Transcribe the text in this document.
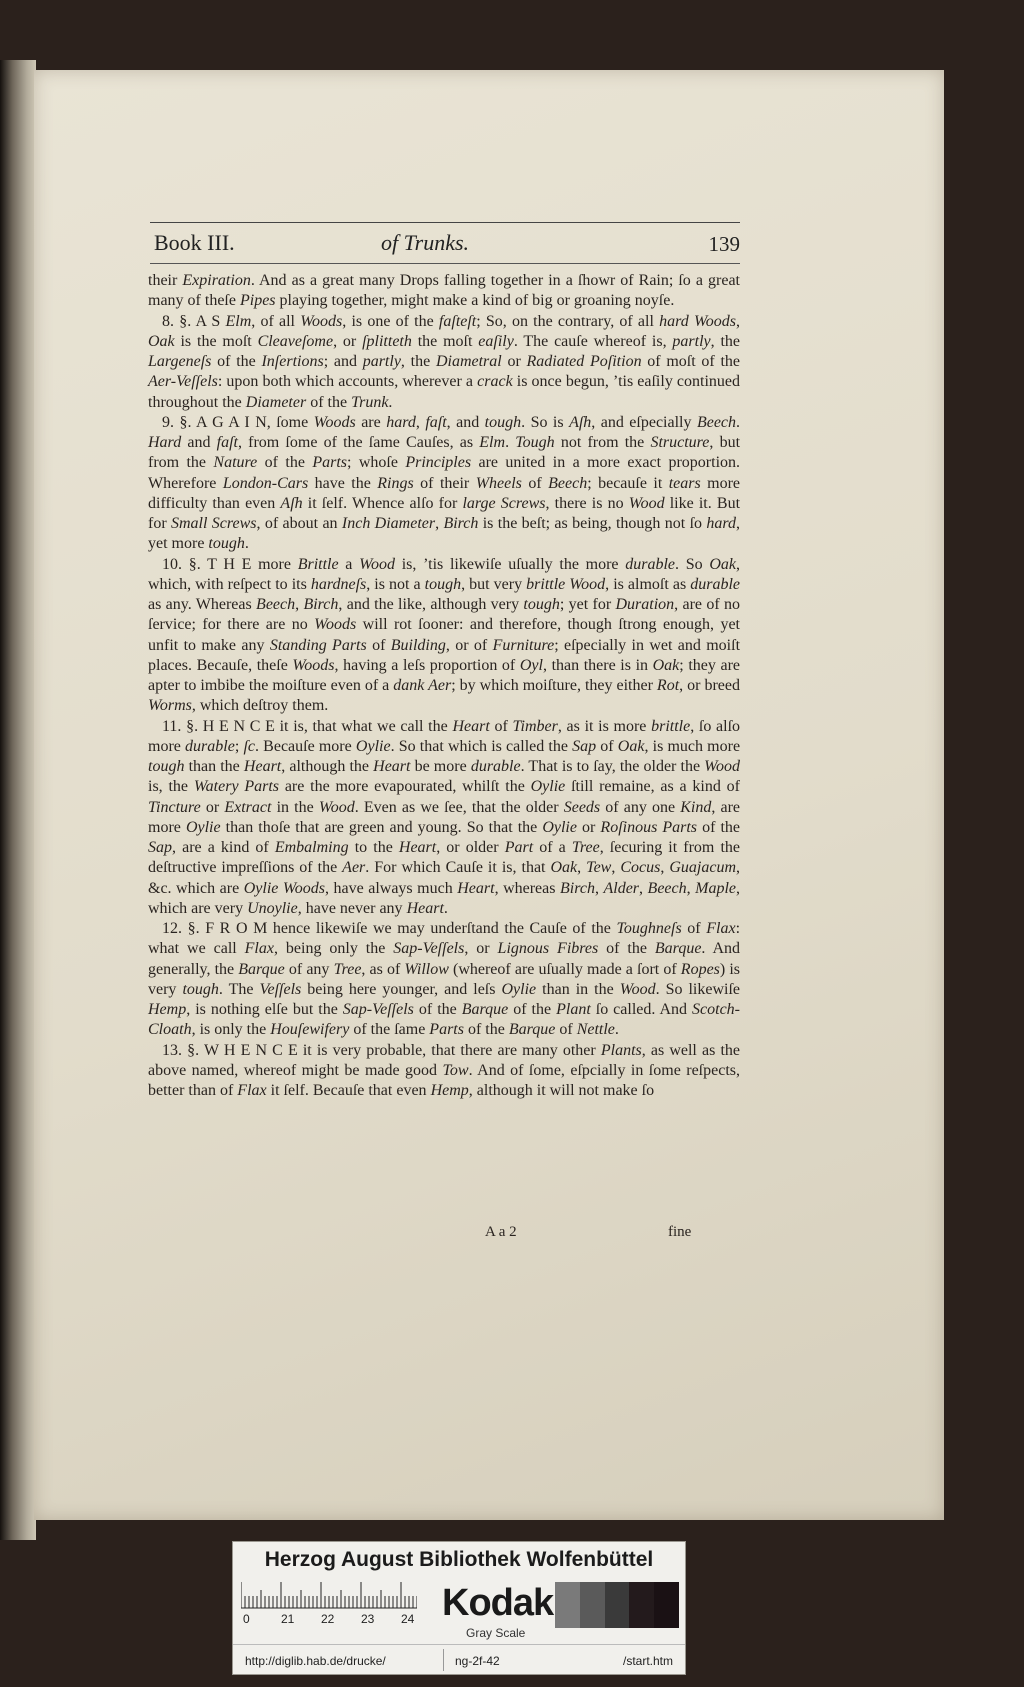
Book III.	of Trunks.	139

their Expiration. And as a great many Drops falling together in a ſhowr of Rain; ſo a great many of theſe Pipes playing together, might make a kind of big or groaning noyſe.

8. §. A S Elm, of all Woods, is one of the faſteſt; So, on the contrary, of all hard Woods, Oak is the moſt Cleaveſome, or ſplitteth the moſt eaſily. The cauſe whereof is, partly, the Largeneſs of the Inſertions; and partly, the Diametral or Radiated Poſition of moſt of the Aer-Veſſels: upon both which accounts, wherever a crack is once begun, ’tis eaſily continued throughout the Diameter of the Trunk.

9. §. A G A I N, ſome Woods are hard, faſt, and tough. So is Aſh, and eſpecially Beech. Hard and faſt, from ſome of the ſame Cauſes, as Elm. Tough not from the Structure, but from the Nature of the Parts; whoſe Principles are united in a more exact proportion. Wherefore London-Cars have the Rings of their Wheels of Beech; becauſe it tears more difficulty than even Aſh it ſelf. Whence alſo for large Screws, there is no Wood like it. But for Small Screws, of about an Inch Diameter, Birch is the beſt; as being, though not ſo hard, yet more tough.

10. §. T H E more Brittle a Wood is, ’tis likewiſe uſually the more durable. So Oak, which, with reſpect to its hardneſs, is not a tough, but very brittle Wood, is almoſt as durable as any. Whereas Beech, Birch, and the like, although very tough; yet for Duration, are of no ſervice; for there are no Woods will rot ſooner: and therefore, though ſtrong enough, yet unfit to make any Standing Parts of Building, or of Furniture; eſpecially in wet and moiſt places. Becauſe, theſe Woods, having a leſs proportion of Oyl, than there is in Oak; they are apter to imbibe the moiſture even of a dank Aer; by which moiſture, they either Rot, or breed Worms, which deſtroy them.

11. §. H E N C E it is, that what we call the Heart of Timber, as it is more brittle, ſo alſo more durable; ſc. Becauſe more Oylie. So that which is called the Sap of Oak, is much more tough than the Heart, although the Heart be more durable. That is to ſay, the older the Wood is, the Watery Parts are the more evapourated, whilſt the Oylie ſtill remaine, as a kind of Tincture or Extract in the Wood. Even as we ſee, that the older Seeds of any one Kind, are more Oylie than thoſe that are green and young. So that the Oylie or Roſinous Parts of the Sap, are a kind of Embalming to the Heart, or older Part of a Tree, ſecuring it from the deſtructive impreſſions of the Aer. For which Cauſe it is, that Oak, Tew, Cocus, Guajacum, &c. which are Oylie Woods, have always much Heart, whereas Birch, Alder, Beech, Maple, which are very Unoylie, have never any Heart.

12. §. F R O M hence likewiſe we may underſtand the Cauſe of the Toughneſs of Flax: what we call Flax, being only the Sap-Veſſels, or Lignous Fibres of the Barque. And generally, the Barque of any Tree, as of Willow (whereof are uſually made a ſort of Ropes) is very tough. The Veſſels being here younger, and leſs Oylie than in the Wood. So likewiſe Hemp, is nothing elſe but the Sap-Veſſels of the Barque of the Plant ſo called. And Scotch-Cloath, is only the Houſewifery of the ſame Parts of the Barque of Nettle.

13. §. W H E N C E it is very probable, that there are many other Plants, as well as the above named, whereof might be made good Tow. And of ſome, eſpcially in ſome reſpects, better than of Flax it ſelf. Becauſe that even Hemp, although it will not make ſo

A a 2	fine
Herzog August Bibliothek Wolfenbüttel
0	21 22 23 24 Kodak
Gray Scale
http://diglib.hab.de/drucke/	ng-2f-42	/start.htm
